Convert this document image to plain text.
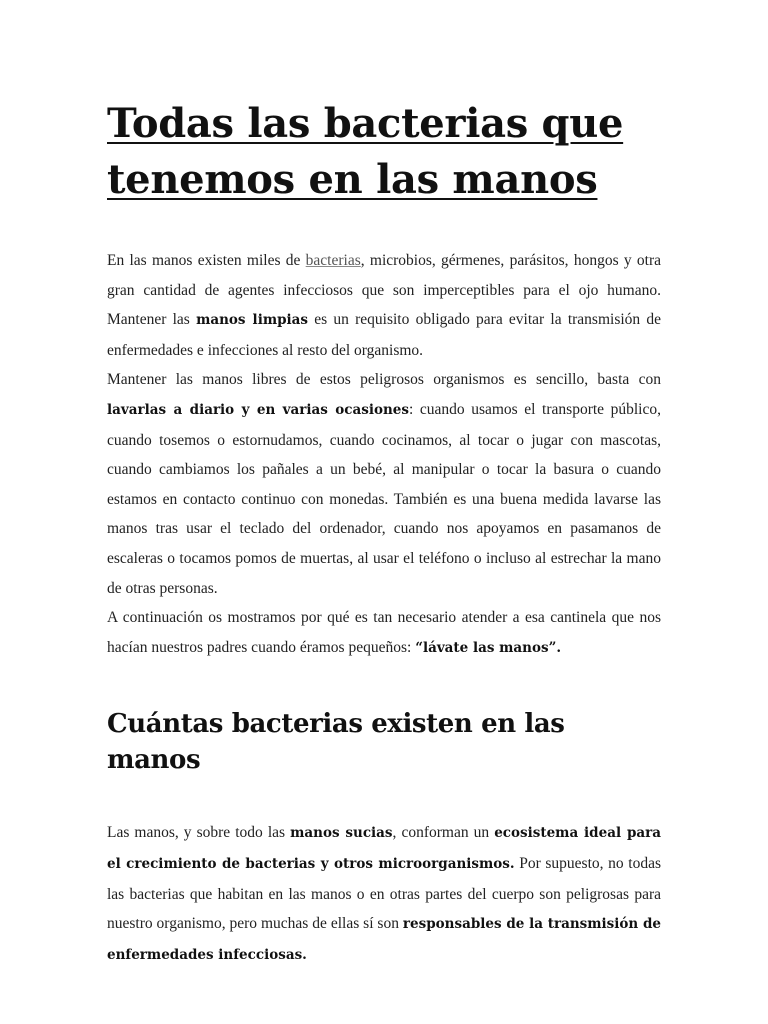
Todas las bacterias que tenemos en las manos

En las manos existen miles de bacterias, microbios, gérmenes, parásitos, hongos y otra gran cantidad de agentes infecciosos que son imperceptibles para el ojo humano. Mantener las manos limpias es un requisito obligado para evitar la transmisión de enfermedades e infecciones al resto del organismo.

Mantener las manos libres de estos peligrosos organismos es sencillo, basta con lavarlas a diario y en varias ocasiones: cuando usamos el transporte público, cuando tosemos o estornudamos, cuando cocinamos, al tocar o jugar con mascotas, cuando cambiamos los pañales a un bebé, al manipular o tocar la basura o cuando estamos en contacto continuo con monedas. También es una buena medida lavarse las manos tras usar el teclado del ordenador, cuando nos apoyamos en pasamanos de escaleras o tocamos pomos de muertas, al usar el teléfono o incluso al estrechar la mano de otras personas.

A continuación os mostramos por qué es tan necesario atender a esa cantinela que nos hacían nuestros padres cuando éramos pequeños: “lávate las manos”.

Cuántas bacterias existen en las manos

Las manos, y sobre todo las manos sucias, conforman un ecosistema ideal para el crecimiento de bacterias y otros microorganismos. Por supuesto, no todas las bacterias que habitan en las manos o en otras partes del cuerpo son peligrosas para nuestro organismo, pero muchas de ellas sí son responsables de la transmisión de enfermedades infecciosas.
